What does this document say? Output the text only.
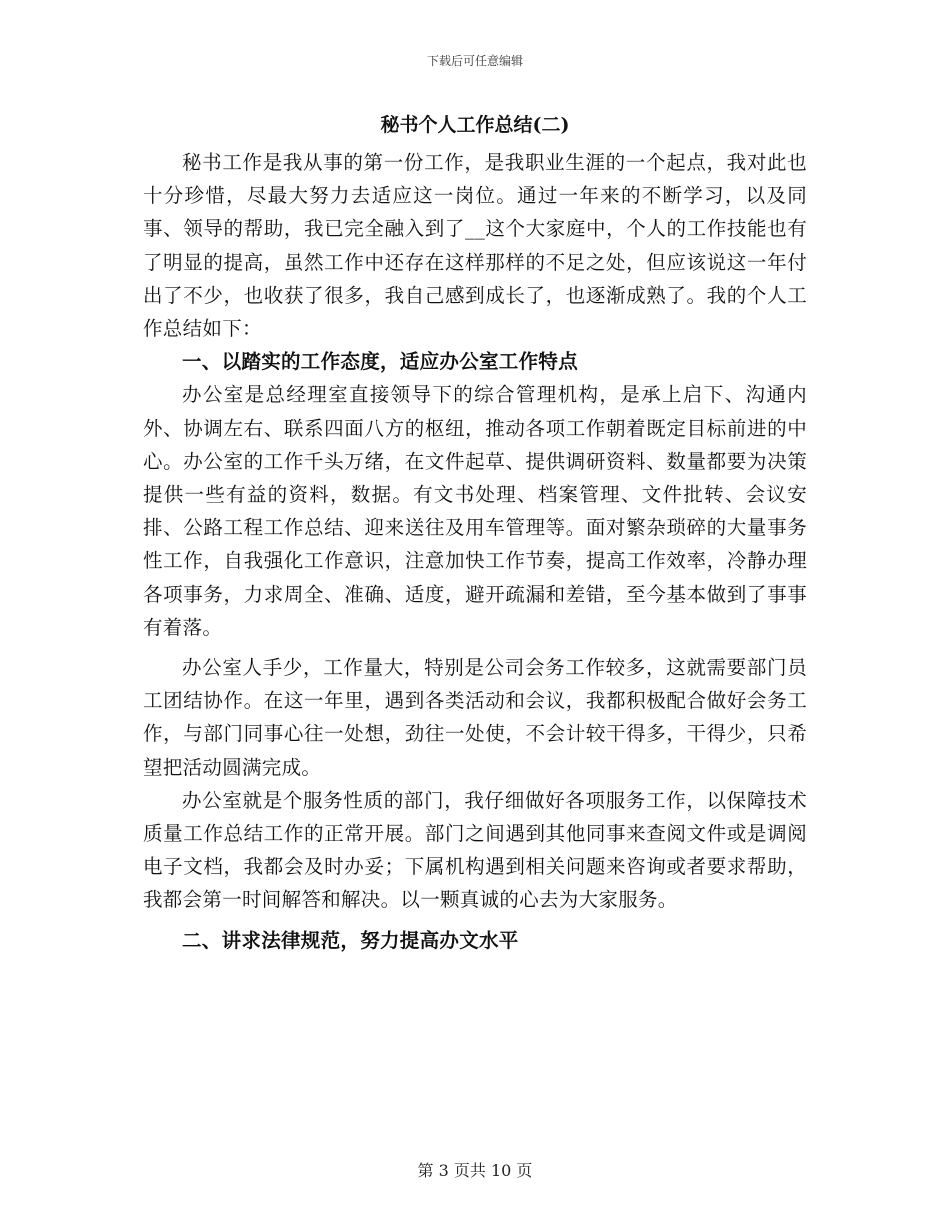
下载后可任意编辑
秘书个人工作总结(二)

秘书工作是我从事的第一份工作，是我职业生涯的一个起点，我对此也十分珍惜，尽最大努力去适应这一岗位。通过一年来的不断学习，以及同事、领导的帮助，我已完全融入到了__这个大家庭中，个人的工作技能也有了明显的提高，虽然工作中还存在这样那样的不足之处，但应该说这一年付出了不少，也收获了很多，我自己感到成长了，也逐渐成熟了。我的个人工作总结如下：

一、以踏实的工作态度，适应办公室工作特点

办公室是总经理室直接领导下的综合管理机构，是承上启下、沟通内外、协调左右、联系四面八方的枢纽，推动各项工作朝着既定目标前进的中心。办公室的工作千头万绪，在文件起草、提供调研资料、数量都要为决策提供一些有益的资料，数据。有文书处理、档案管理、文件批转、会议安排、公路工程工作总结、迎来送往及用车管理等。面对繁杂琐碎的大量事务性工作，自我强化工作意识，注意加快工作节奏，提高工作效率，冷静办理各项事务，力求周全、准确、适度，避开疏漏和差错，至今基本做到了事事有着落。

办公室人手少，工作量大，特别是公司会务工作较多，这就需要部门员工团结协作。在这一年里，遇到各类活动和会议，我都积极配合做好会务工作，与部门同事心往一处想，劲往一处使，不会计较干得多，干得少，只希望把活动圆满完成。

办公室就是个服务性质的部门，我仔细做好各项服务工作，以保障技术质量工作总结工作的正常开展。部门之间遇到其他同事来查阅文件或是调阅电子文档，我都会及时办妥；下属机构遇到相关问题来咨询或者要求帮助，我都会第一时间解答和解决。以一颗真诚的心去为大家服务。

二、讲求法律规范，努力提高办文水平

第 3 页共 10 页
